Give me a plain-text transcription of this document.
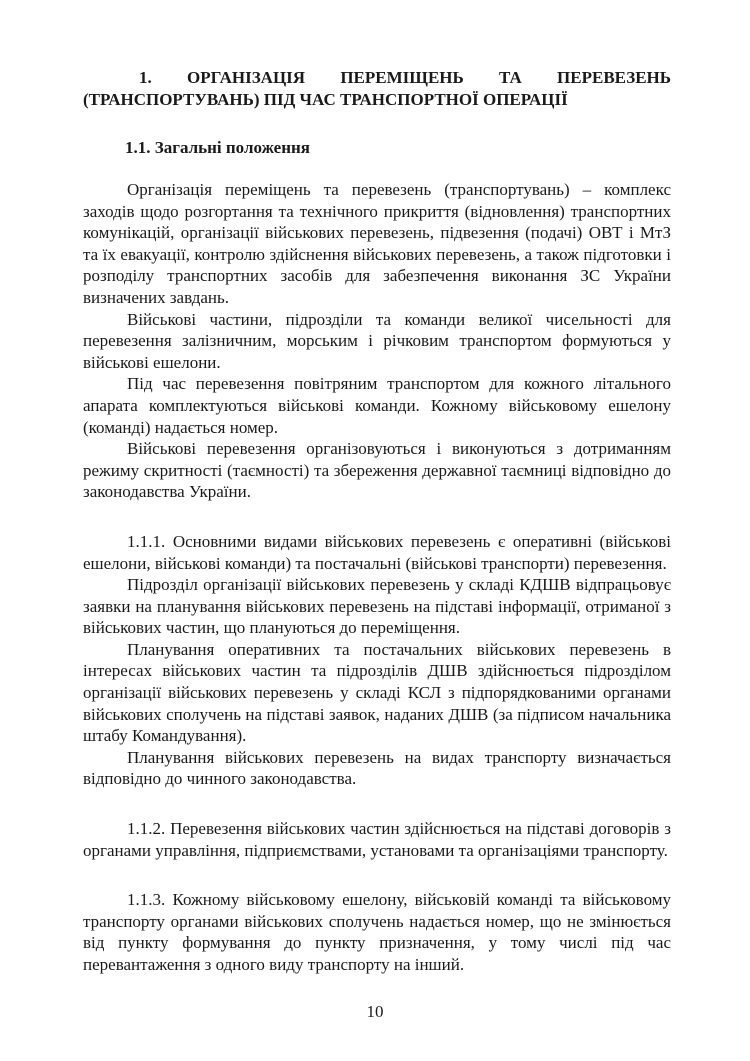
1. ОРГАНІЗАЦІЯ ПЕРЕМІЩЕНЬ ТА ПЕРЕВЕЗЕНЬ
(ТРАНСПОРТУВАНЬ) ПІД ЧАС ТРАНСПОРТНОЇ ОПЕРАЦІЇ
1.1. Загальні положення

Організація переміщень та перевезень (транспортувань) – комплекс заходів щодо розгортання та технічного прикриття (відновлення) транспортних комунікацій, організації військових перевезень, підвезення (подачі) ОВТ і МтЗ та їх евакуації, контролю здійснення військових перевезень, а також підготовки і розподілу транспортних засобів для забезпечення виконання ЗС України визначених завдань.

Військові частини, підрозділи та команди великої чисельності для перевезення залізничним, морським і річковим транспортом формуються у військові ешелони.

Під час перевезення повітряним транспортом для кожного літального апарата комплектуються військові команди. Кожному військовому ешелону (команді) надається номер.

Військові перевезення організовуються і виконуються з дотриманням режиму скритності (таємності) та збереження державної таємниці відповідно до законодавства України.

1.1.1. Основними видами військових перевезень є оперативні (військові ешелони, військові команди) та постачальні (військові транспорти) перевезення.

Підрозділ організації військових перевезень у складі КДШВ відпрацьовує заявки на планування військових перевезень на підставі інформації, отриманої з військових частин, що плануються до переміщення.

Планування оперативних та постачальних військових перевезень в інтересах військових частин та підрозділів ДШВ здійснюється підрозділом організації військових перевезень у складі КСЛ з підпорядкованими органами військових сполучень на підставі заявок, наданих ДШВ (за підписом начальника штабу Командування).

Планування військових перевезень на видах транспорту визначається відповідно до чинного законодавства.

1.1.2. Перевезення військових частин здійснюється на підставі договорів з органами управління, підприємствами, установами та організаціями транспорту.

1.1.3. Кожному військовому ешелону, військовій команді та військовому транспорту органами військових сполучень надається номер, що не змінюється від пункту формування до пункту призначення, у тому числі під час перевантаження з одного виду транспорту на інший.

10
